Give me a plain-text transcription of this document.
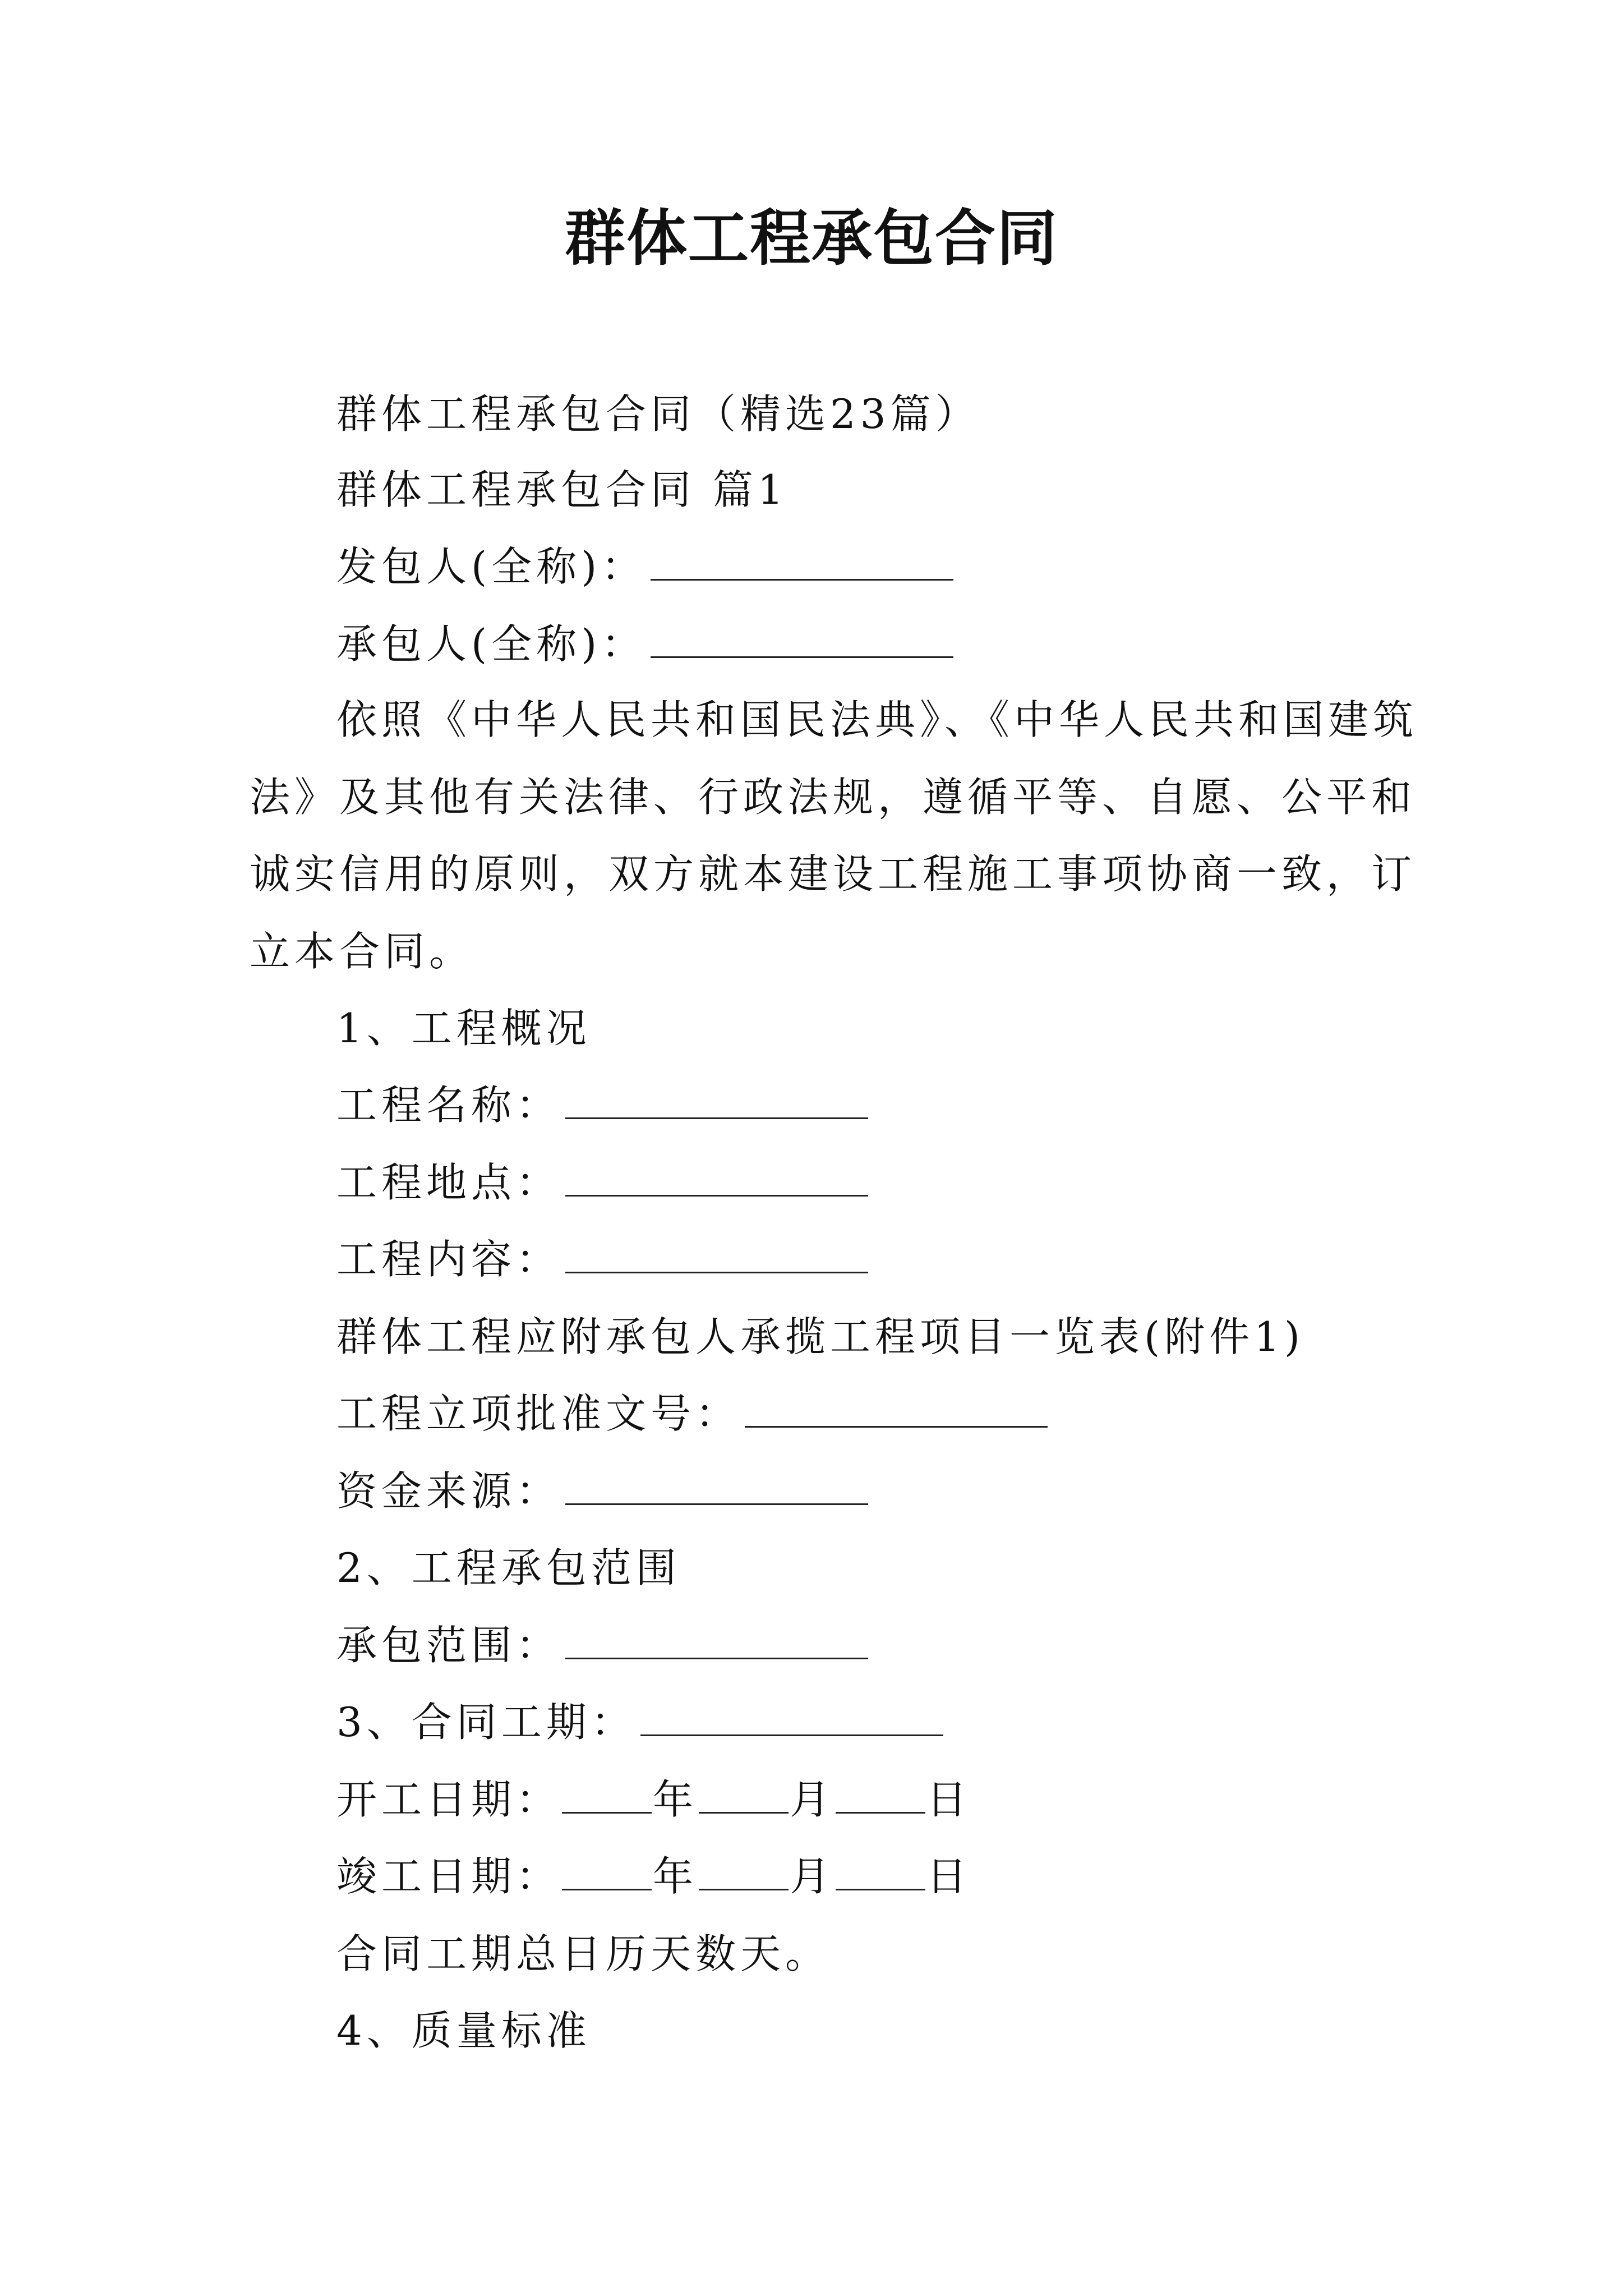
群体工程承包合同
群体工程承包合同（精选23篇）
群体工程承包合同 篇1
发包人(全称)：
承包人(全称)：
依照《中华人民共和国民法典》、《中华人民共和国建筑
法》及其他有关法律、行政法规，遵循平等、自愿、公平和
诚实信用的原则，双方就本建设工程施工事项协商一致，订
立本合同。
1、工程概况
工程名称：
工程地点：
工程内容：
群体工程应附承包人承揽工程项目一览表(附件1)
工程立项批准文号：
资金来源：
2、工程承包范围
承包范围：
3、合同工期：
开工日期： 年 月 日
竣工日期： 年 月 日
合同工期总日历天数天。
4、质量标准
